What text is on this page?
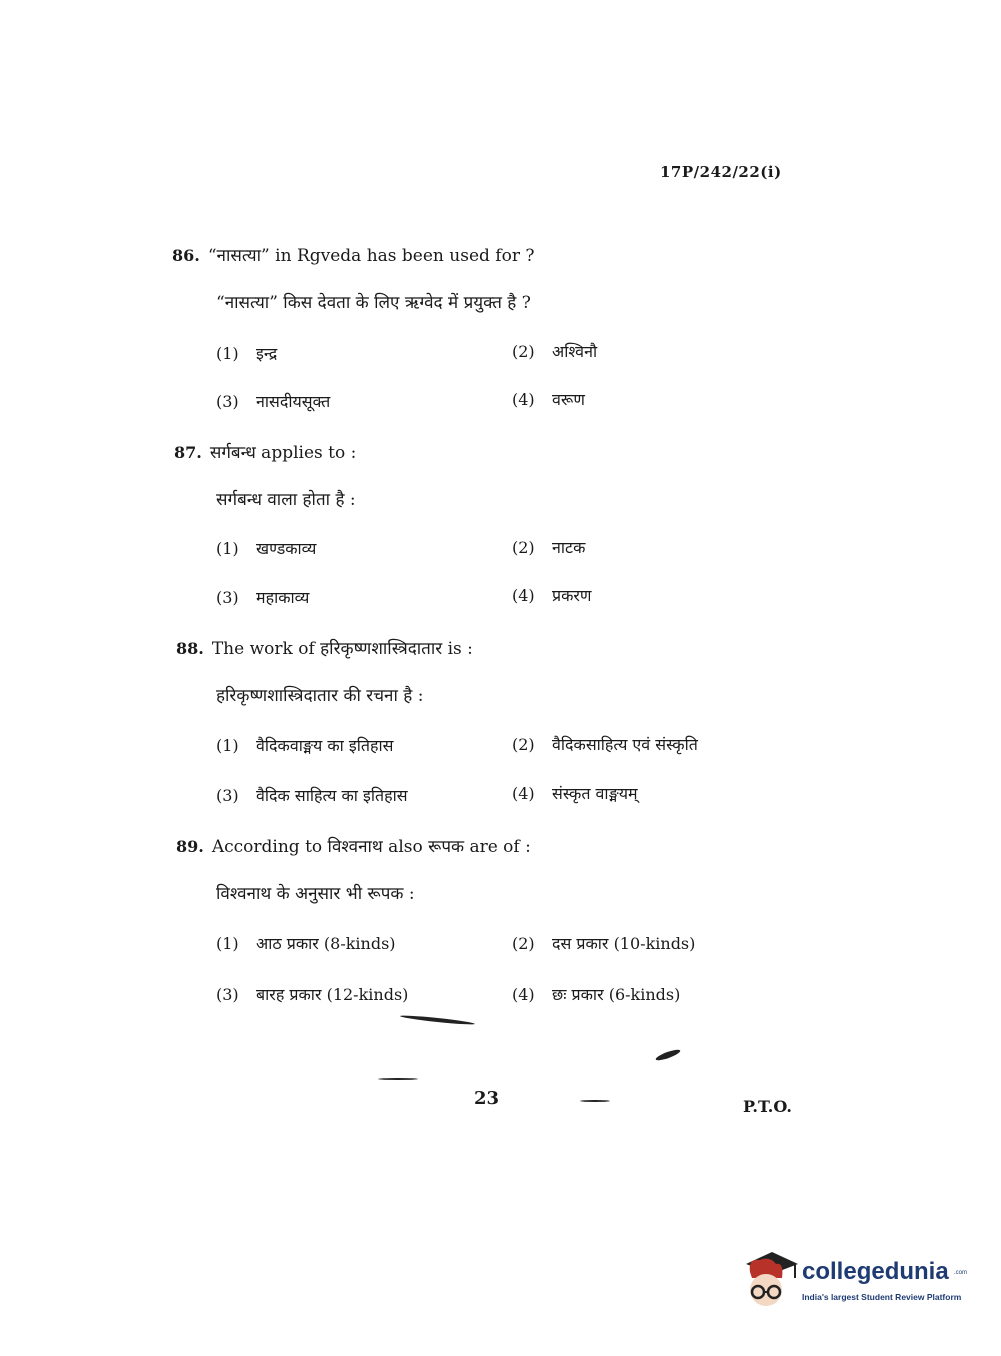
17P/242/22(i)
86. “नासत्या” in Rgveda has been used for ?
“नासत्या” किस देवता के लिए ऋग्वेद में प्रयुक्त है ?
(1) इन्द्र	(2) अश्विनौ
(3) नासदीयसूक्त	(4) वरूण
87. सर्गबन्ध applies to :
सर्गबन्ध वाला होता है :
(1) खण्डकाव्य	(2) नाटक
(3) महाकाव्य	(4) प्रकरण
88. The work of हरिकृष्णशास्त्रिदातार is :
हरिकृष्णशास्त्रिदातार की रचना है :
(1) वैदिकवाङ्मय का इतिहास	(2) वैदिकसाहित्य एवं संस्कृति
(3) वैदिक साहित्य का इतिहास	(4) संस्कृत वाङ्मयम्
89. According to विश्वनाथ also रूपक are of :
विश्वनाथ के अनुसार भी रूपक :
(1) आठ प्रकार (8-kinds)	(2) दस प्रकार (10-kinds)
(3) बारह प्रकार (12-kinds)	(4) छः प्रकार (6-kinds)
23	P.T.O.
collegedunia .com
India's largest Student Review Platform
